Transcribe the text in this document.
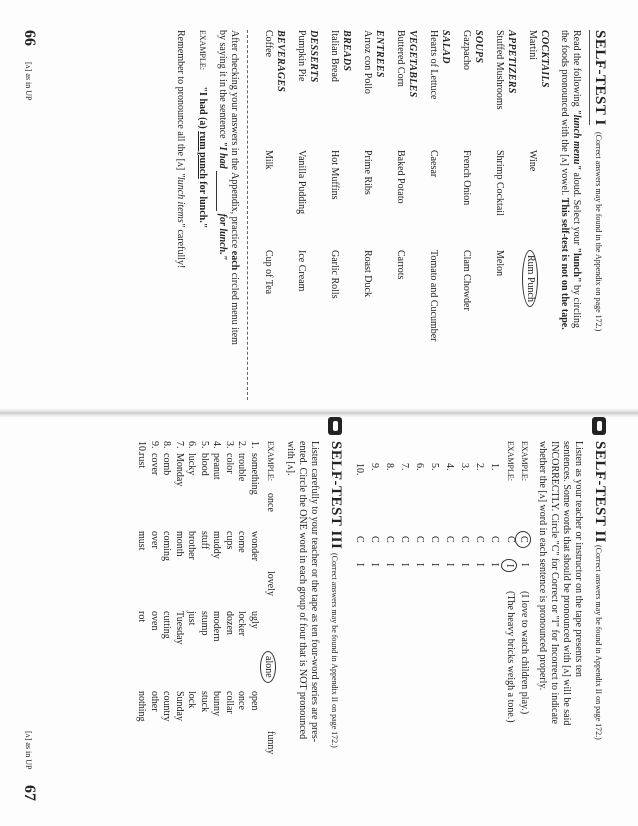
SELF-TEST I
(Correct answers may be found in the Appendix on page 172.)
Read the following "lunch menu" aloud. Select your "lunch" by circling
the foods pronounced with the [ʌ] vowel. This self-test is not on the tape.
COCKTAILS
Martini
Wine
Rum Punch
APPETIZERS
Stuffed Mushrooms
Shrimp Cocktail
Melon
SOUPS
Gazpacho
French Onion
Clam Chowder
SALAD
Hearts of Lettuce
Caesar
Tomato and Cucumber
VEGETABLES
Buttered Corn
Baked Potato
Carrots
ENTREES
Arroz con Pollo
Prime Ribs
Roast Duck
BREADS
Italian Bread
Hot Muffins
Garlic Rolls
DESSERTS
Pumpkin Pie
Vanilla Pudding
Ice Cream
BEVERAGES
Coffee
Milk
Cup of Tea
After checking your answers in the Appendix, practice each circled menu item
by saying it in the sentence "I had  for lunch."
EXAMPLE: "I had (a) rum punch for lunch."
Remember to pronounce all the [ʌ] "lunch items" carefully!
66
[ʌ] as in UP
SELF-TEST II
(Correct answers may be found in Appendix II on page 172.)
Listen as your teacher or instructor on the tape presents ten
sentences. Some words that should be pronounced with [ʌ] will be said
INCORRECTLY. Circle "C" for Correct or "I" for Incorrect to indicate
whether the [ʌ] word in each sentence is pronounced properly.
EXAMPLE:
C
I
(I love to watch children play.)
EXAMPLE:
C
I
(The heavy bricks weigh a tone.)
1.
C
I
2.
C
I
3.
C
I
4.
C
I
5.
C
I
6.
C
I
7.
C
I
8.
C
I
9.
C
I
10.
C
I
SELF-TEST III
(Correct answers may be found in Appendix II on page 172.)
Listen carefully to your teacher or the tape as ten four-word series are pres-
ented. Circle the ONE word in each group of four that is NOT pronounced
with [ʌ].
EXAMPLE:
once
lovely
alone
funny
1.
something
wonder
ugly
open
2.
trouble
come
locker
once
3.
color
cups
dozen
collar
4.
peanut
muddy
modern
bunny
5.
blood
stuff
stump
stuck
6.
lucky
brother
just
lock
7.
Monday
month
Tuesday
Sunday
8.
comb
coming
cutting
country
9.
cover
over
oven
other
10.
rust
must
rot
nothing
[ʌ] as in UP
67
